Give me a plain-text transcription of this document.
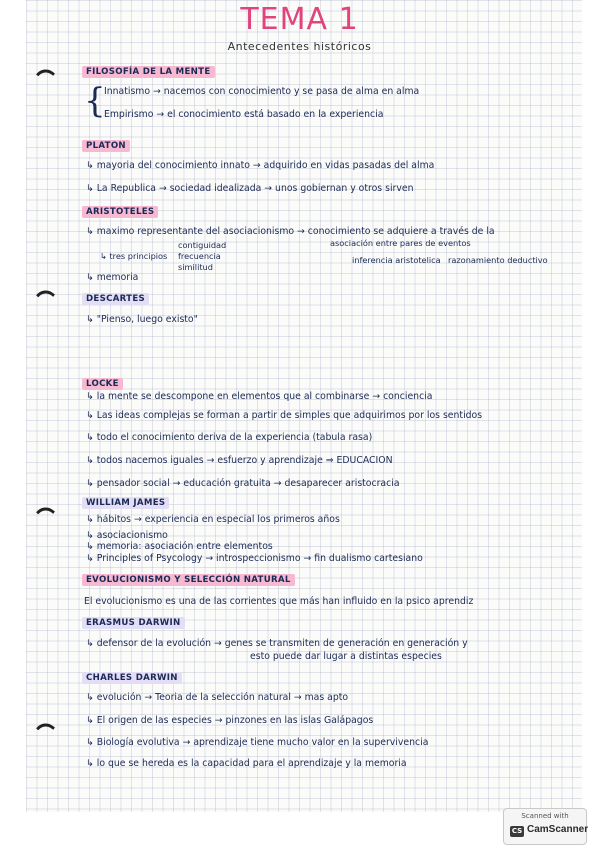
TEMA 1
Antecedentes históricos
FILOSOFÍA DE LA MENTE
{
Innatismo → nacemos con conocimiento y se pasa de alma en alma
Empirismo → el conocimiento está basado en la experiencia
PLATON
↳ mayoria del conocimiento innato → adquirido en vidas pasadas del alma
↳ La Republica → sociedad idealizada → unos gobiernan y otros sirven
ARISTOTELES
↳ maximo representante del asociacionismo → conocimiento se adquiere a través de la
asociación entre pares de eventos
↳ tres principios
contiguidad
frecuencia
similitud
inferencia aristotelica razonamiento deductivo
↳ memoria
DESCARTES
↳ "Pienso, luego existo"
LOCKE
↳ la mente se descompone en elementos que al combinarse → conciencia
↳ Las ideas complejas se forman a partir de simples que adquirimos por los sentidos
↳ todo el conocimiento deriva de la experiencia (tabula rasa)
↳ todos nacemos iguales → esfuerzo y aprendizaje ⇒ EDUCACION
↳ pensador social → educación gratuita → desaparecer aristocracia
WILLIAM JAMES
↳ hábitos → experiencia en especial los primeros años
↳ asociacionismo
↳ memoria: asociación entre elementos
↳ Principles of Psycology → introspeccionismo → fin dualismo cartesiano
EVOLUCIONISMO Y SELECCIÓN NATURAL
El evolucionismo es una de las corrientes que más han influido en la psico aprendiz
ERASMUS DARWIN
↳ defensor de la evolución → genes se transmiten de generación en generación y
esto puede dar lugar a distintas especies
CHARLES DARWIN
↳ evolución → Teoria de la selección natural → mas apto
↳ El origen de las especies → pinzones en las islas Galápagos
↳ Biología evolutiva → aprendizaje tiene mucho valor en la supervivencia
↳ lo que se hereda es la capacidad para el aprendizaje y la memoria
Scanned with
CS CamScanner
